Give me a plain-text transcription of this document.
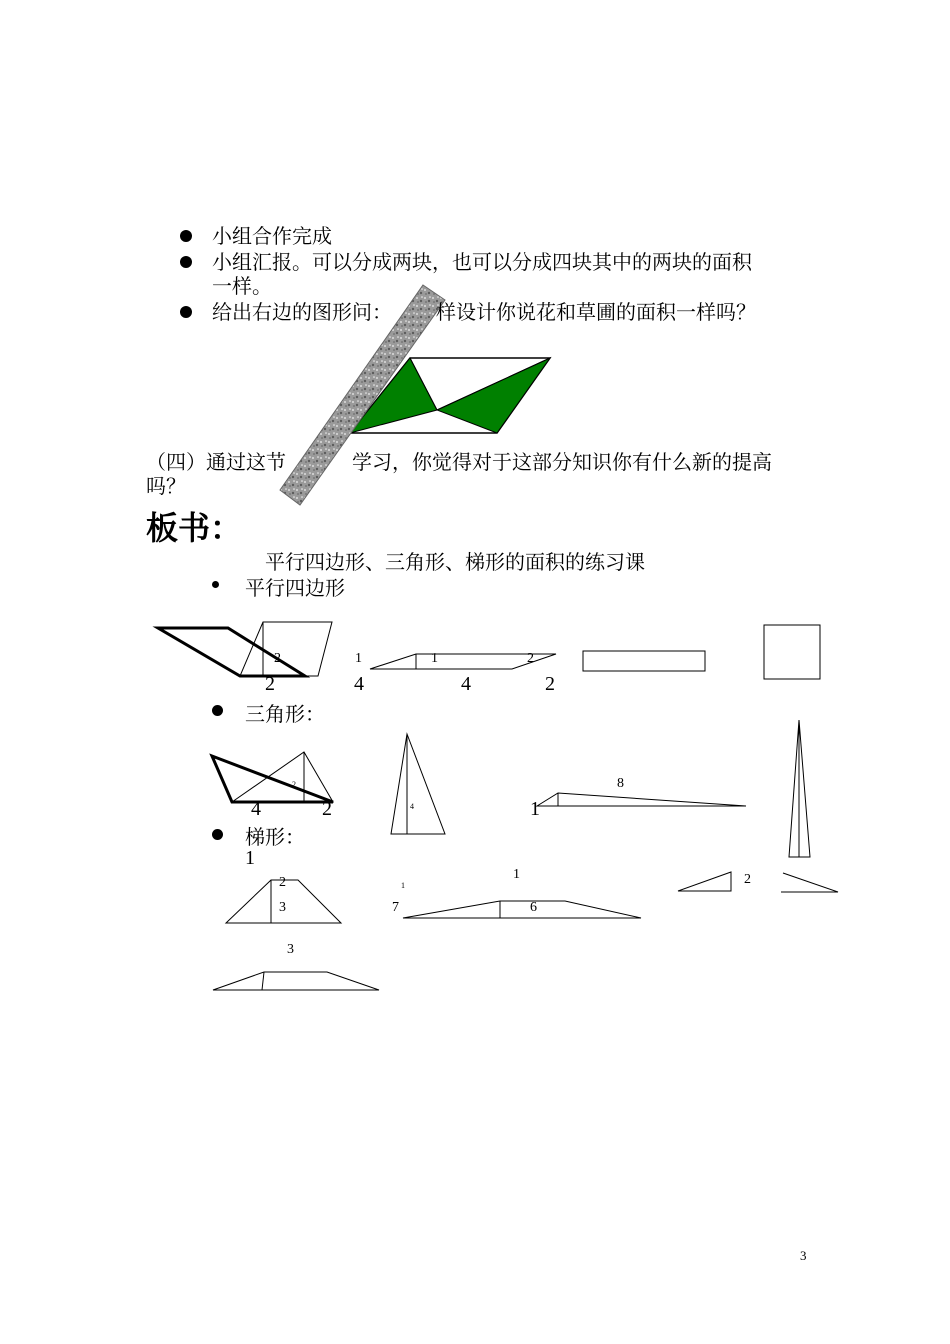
小组合作完成
小组汇报。可以分成两块，也可以分成四块其中的两块的面积
一样。
给出右边的图形问： 样设计你说花和草圃的面积一样吗？
（四）通过这节	学习，你觉得对于这部分知识你有什么新的提高
吗？
板书：
平行四边形、三角形、梯形的面积的练习课
平行四边形
三角形：
梯形：
2
2
1	1	2
4	4	2
2
4	2	4
8
1
1
2
3
1
1
7	6
2
3
3
